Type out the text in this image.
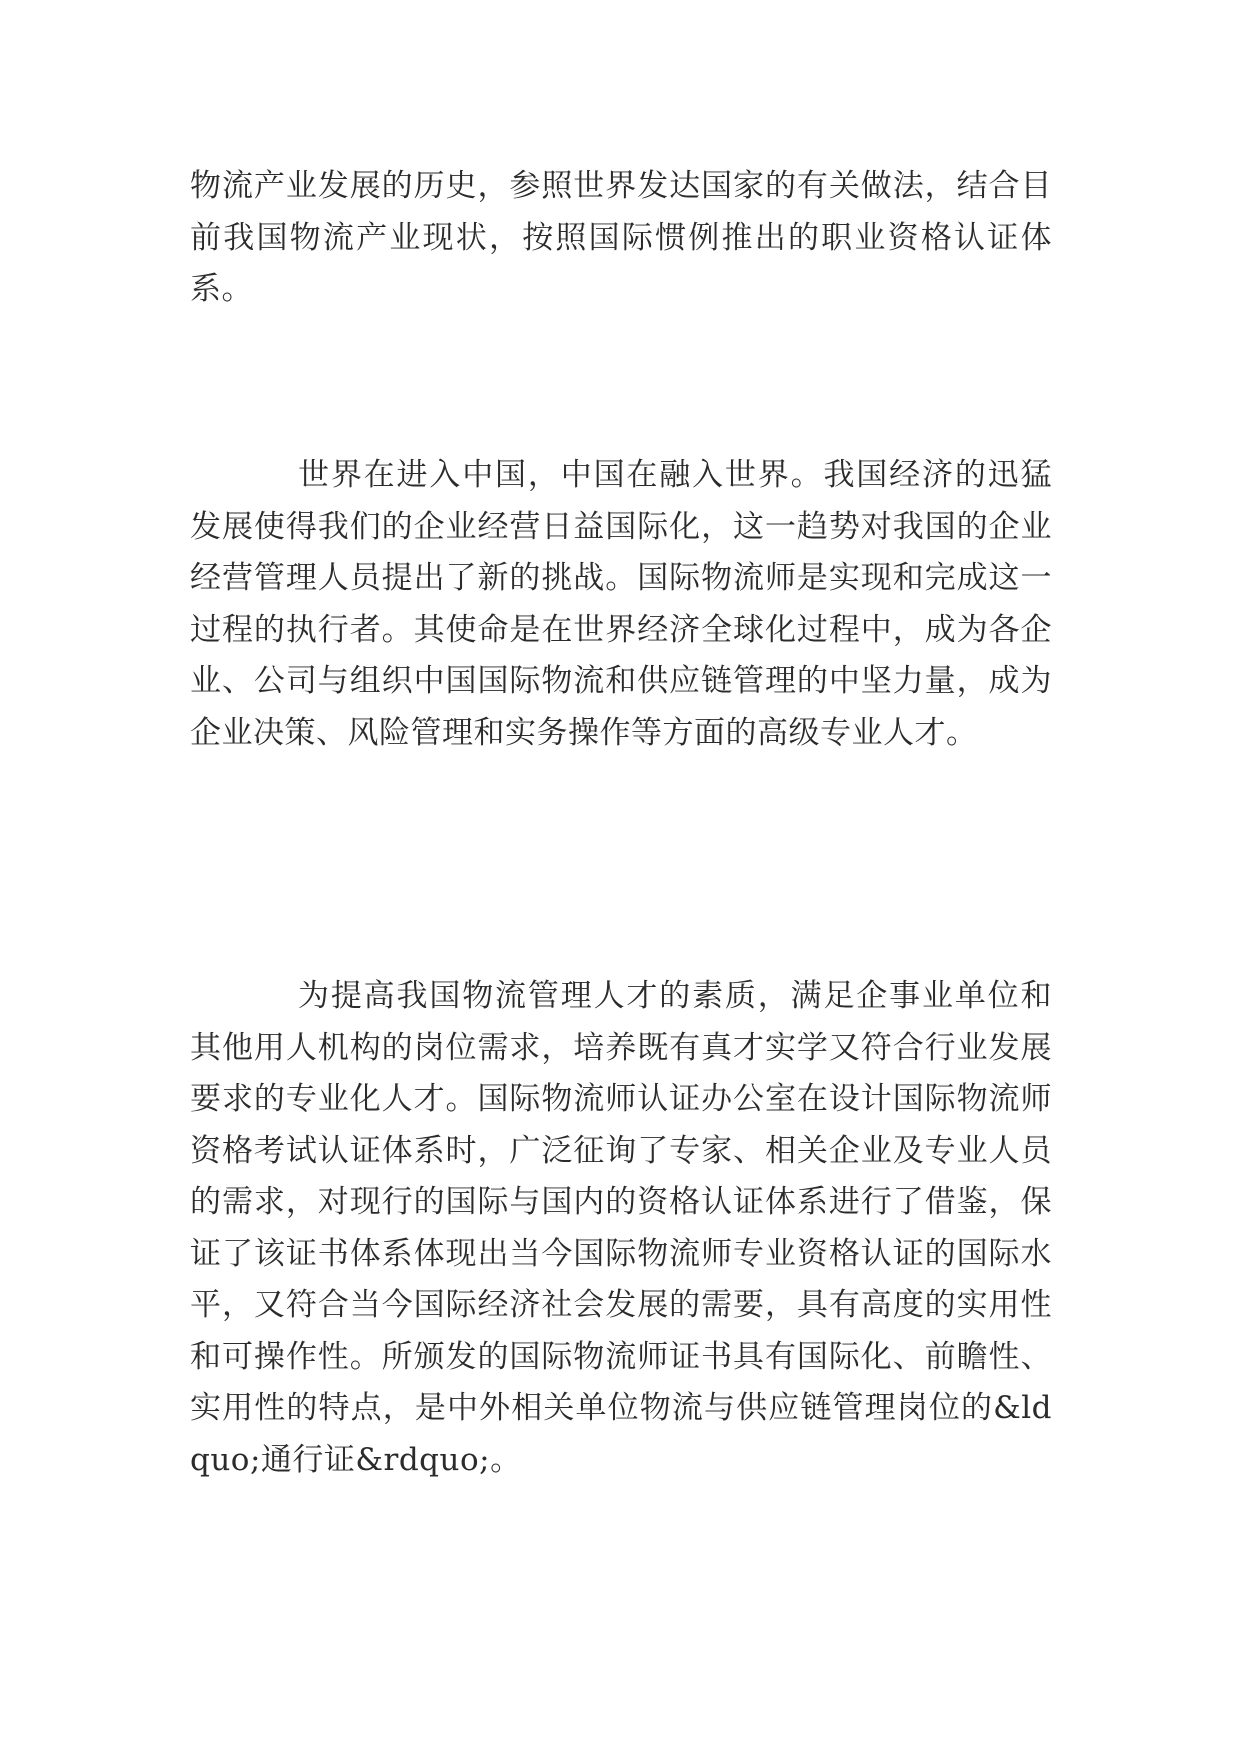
物流产业发展的历史，参照世界发达国家的有关做法，结合目前我国物流产业现状，按照国际惯例推出的职业资格认证体系。

世界在进入中国，中国在融入世界。我国经济的迅猛发展使得我们的企业经营日益国际化，这一趋势对我国的企业经营管理人员提出了新的挑战。国际物流师是实现和完成这一过程的执行者。其使命是在世界经济全球化过程中，成为各企业、公司与组织中国国际物流和供应链管理的中坚力量，成为企业决策、风险管理和实务操作等方面的高级专业人才。

为提高我国物流管理人才的素质，满足企事业单位和其他用人机构的岗位需求，培养既有真才实学又符合行业发展要求的专业化人才。国际物流师认证办公室在设计国际物流师资格考试认证体系时，广泛征询了专家、相关企业及专业人员的需求，对现行的国际与国内的资格认证体系进行了借鉴，保证了该证书体系体现出当今国际物流师专业资格认证的国际水平，又符合当今国际经济社会发展的需要，具有高度的实用性和可操作性。所颁发的国际物流师证书具有国际化、前瞻性、实用性的特点，是中外相关单位物流与供应链管理岗位的&ldquo;通行证&rdquo;。
